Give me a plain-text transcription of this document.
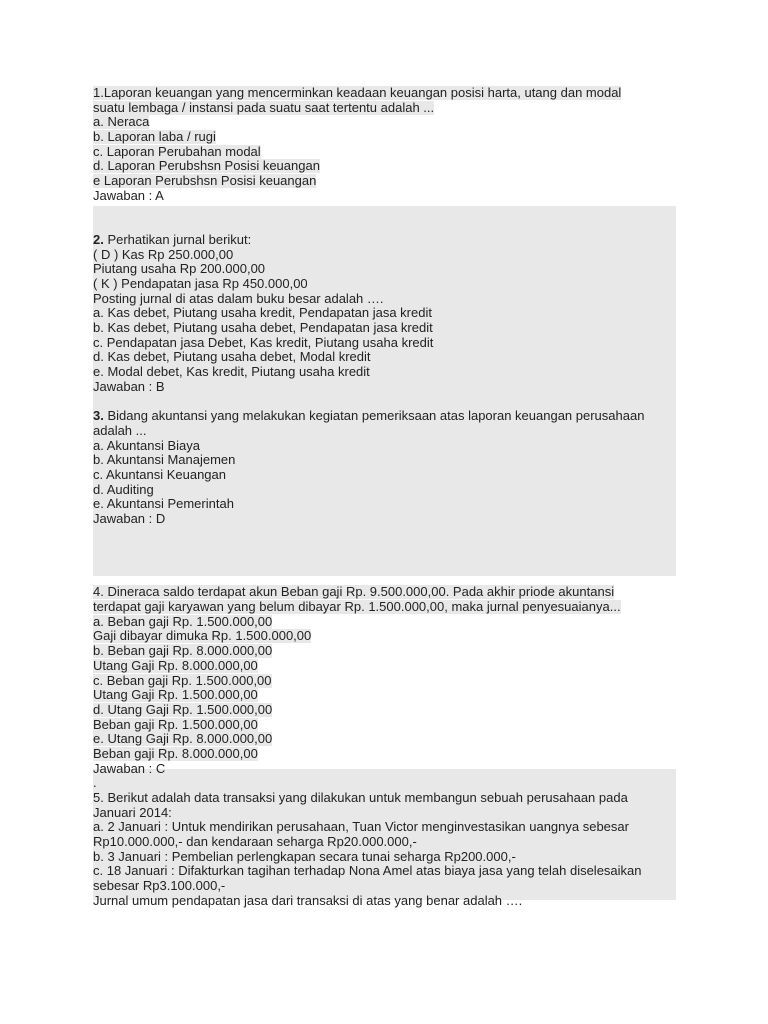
1.Laporan keuangan yang mencerminkan keadaan keuangan posisi harta, utang dan modal
suatu lembaga / instansi pada suatu saat tertentu adalah ...
a. Neraca
b. Laporan laba / rugi
c. Laporan Perubahan modal
d. Laporan Perubshsn Posisi keuangan
e Laporan Perubshsn Posisi keuangan
Jawaban : A
2. Perhatikan jurnal berikut:
( D ) Kas Rp 250.000,00
Piutang usaha Rp 200.000,00
( K ) Pendapatan jasa Rp 450.000,00
Posting jurnal di atas dalam buku besar adalah ….
a. Kas debet, Piutang usaha kredit, Pendapatan jasa kredit
b. Kas debet, Piutang usaha debet, Pendapatan jasa kredit
c. Pendapatan jasa Debet, Kas kredit, Piutang usaha kredit
d. Kas debet, Piutang usaha debet, Modal kredit
e. Modal debet, Kas kredit, Piutang usaha kredit
Jawaban : B
3. Bidang akuntansi yang melakukan kegiatan pemeriksaan atas laporan keuangan perusahaan
adalah ...
a. Akuntansi Biaya
b. Akuntansi Manajemen
c. Akuntansi Keuangan
d. Auditing
e. Akuntansi Pemerintah
Jawaban : D
4. Dineraca saldo terdapat akun Beban gaji Rp. 9.500.000,00. Pada akhir priode akuntansi
terdapat gaji karyawan yang belum dibayar Rp. 1.500.000,00, maka jurnal penyesuaianya...
a. Beban gaji Rp. 1.500.000,00
Gaji dibayar dimuka Rp. 1.500.000,00
b. Beban gaji Rp. 8.000.000,00
Utang Gaji Rp. 8.000.000,00
c. Beban gaji Rp. 1.500.000,00
Utang Gaji Rp. 1.500.000,00
d. Utang Gaji Rp. 1.500.000,00
Beban gaji Rp. 1.500.000,00
e. Utang Gaji Rp. 8.000.000,00
Beban gaji Rp. 8.000.000,00
Jawaban : C
.
5. Berikut adalah data transaksi yang dilakukan untuk membangun sebuah perusahaan pada
Januari 2014:
a. 2 Januari : Untuk mendirikan perusahaan, Tuan Victor menginvestasikan uangnya sebesar
Rp10.000.000,- dan kendaraan seharga Rp20.000.000,-
b. 3 Januari : Pembelian perlengkapan secara tunai seharga Rp200.000,-
c. 18 Januari : Difakturkan tagihan terhadap Nona Amel atas biaya jasa yang telah diselesaikan
sebesar Rp3.100.000,-
Jurnal umum pendapatan jasa dari transaksi di atas yang benar adalah ….
